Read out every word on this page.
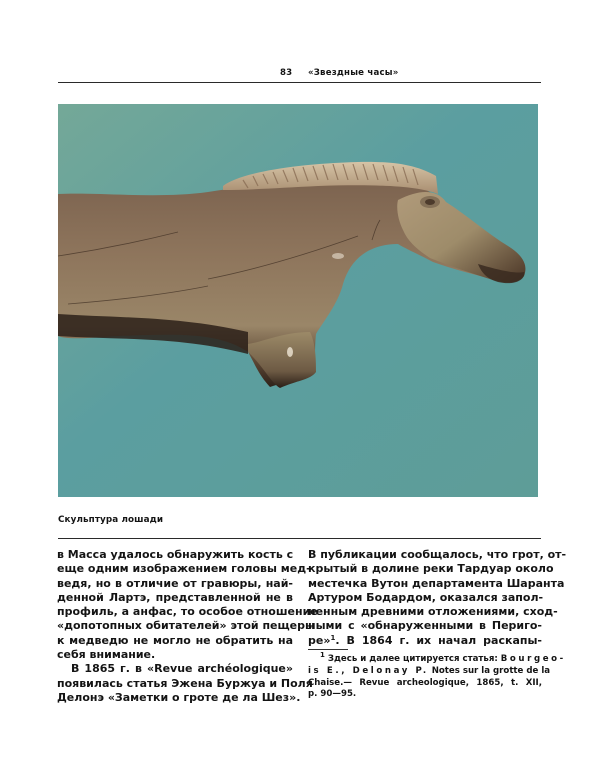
83 «Звездные часы»
Скульптура лошади
в Масса удалось обнаружить кость с
еще одним изображением головы мед-
ведя, но в отличие от гравюры, най-
денной Лартэ, представленной не в
профиль, а анфас, то особое отношение
«допотопных обитателей» этой пещеры
к медведю не могло не обратить на
себя внимание.
В 1865 г. в «Revue archéologique»
появилась статья Эжена Буржуа и Поля
Делонэ «Заметки о гроте де ла Шез».
В публикации сообщалось, что грот, от-
крытый в долине реки Тардуар около
местечка Вутон департамента Шаранта
Артуром Бодардом, оказался запол-
ненным древними отложениями, сход-
ными с «обнаруженными в Периго-
ре»$^1$. В 1864 г. их начал раскапы-
$^1$ Здесь и далее цитируется статья: Bourgeo-
is E., Delonay P. Notes sur la grotte de la
Chaise.— Revue archeologique, 1865, t. XII,
p. 90—95.
